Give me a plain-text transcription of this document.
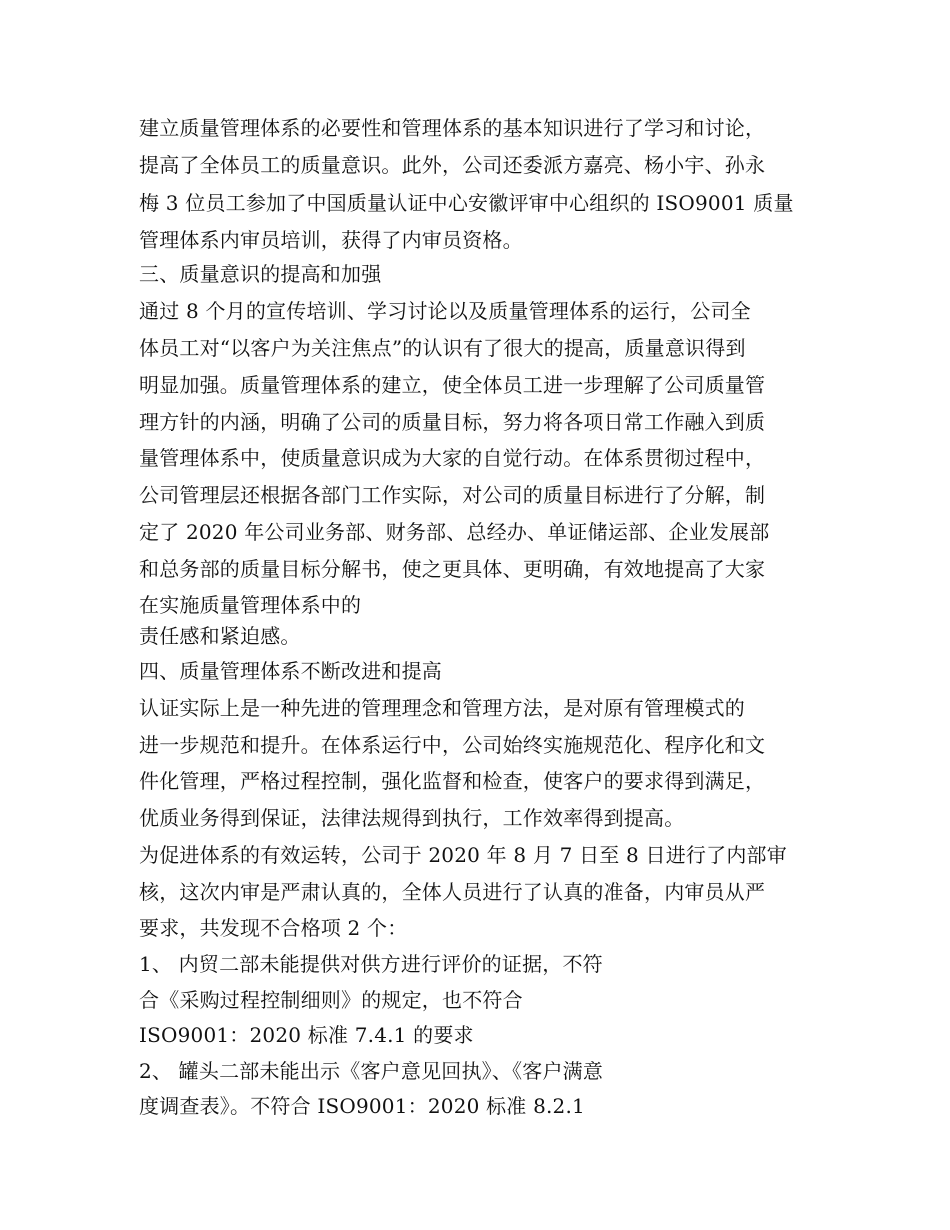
建立质量管理体系的必要性和管理体系的基本知识进行了学习和讨论，
提高了全体员工的质量意识。此外，公司还委派方嘉亮、杨小宇、孙永
梅 3 位员工参加了中国质量认证中心安徽评审中心组织的 ISO9001 质量
管理体系内审员培训，获得了内审员资格。
三、质量意识的提高和加强
通过 8 个月的宣传培训、学习讨论以及质量管理体系的运行，公司全
体员工对“以客户为关注焦点”的认识有了很大的提高，质量意识得到
明显加强。质量管理体系的建立，使全体员工进一步理解了公司质量管
理方针的内涵，明确了公司的质量目标，努力将各项日常工作融入到质
量管理体系中，使质量意识成为大家的自觉行动。在体系贯彻过程中，
公司管理层还根据各部门工作实际，对公司的质量目标进行了分解，制
定了 2020 年公司业务部、财务部、总经办、单证储运部、企业发展部
和总务部的质量目标分解书，使之更具体、更明确，有效地提高了大家
在实施质量管理体系中的
责任感和紧迫感。
四、质量管理体系不断改进和提高
认证实际上是一种先进的管理理念和管理方法，是对原有管理模式的
进一步规范和提升。在体系运行中，公司始终实施规范化、程序化和文
件化管理，严格过程控制，强化监督和检查，使客户的要求得到满足，
优质业务得到保证，法律法规得到执行，工作效率得到提高。
为促进体系的有效运转，公司于 2020 年 8 月 7 日至 8 日进行了内部审
核，这次内审是严肃认真的，全体人员进行了认真的准备，内审员从严
要求，共发现不合格项 2 个：
1、 内贸二部未能提供对供方进行评价的证据，不符
合《采购过程控制细则》的规定，也不符合
ISO9001：2020 标准 7.4.1 的要求
2、 罐头二部未能出示《客户意见回执》、《客户满意
度调查表》。不符合 ISO9001：2020 标准 8.2.1
